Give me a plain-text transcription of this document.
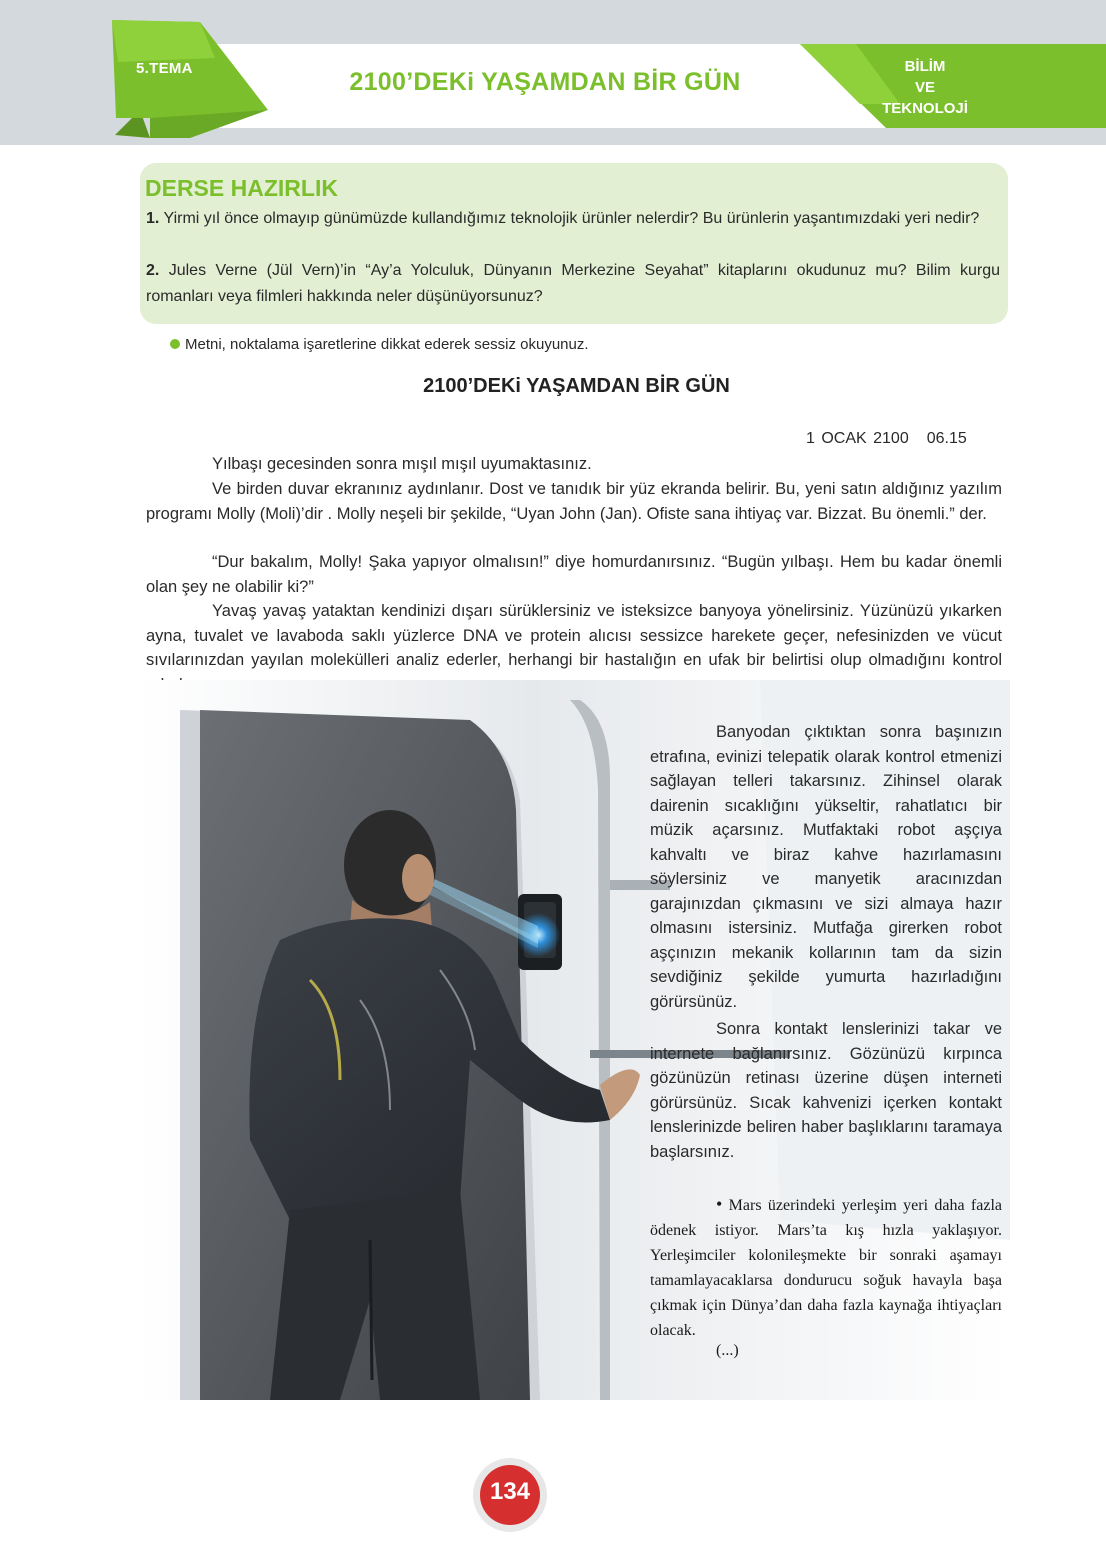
5.TEMA	2100’DEKi YAŞAMDAN BİR GÜN
BİLİM
VE
TEKNOLOJİ
DERSE HAZIRLIK
1. Yirmi yıl önce olmayıp günümüzde kullandığımız teknolojik ürünler nelerdir? Bu ürünlerin yaşantımızdaki yeri nedir?
2. Jules Verne (Jül Vern)’in “Ay’a Yolculuk, Dünyanın Merkezine Seyahat” kitaplarını okudunuz mu? Bilim kurgu romanları veya filmleri hakkında neler düşünüyorsunuz?
Metni, noktalama işaretlerine dikkat ederek sessiz okuyunuz.
2100’DEKi YAŞAMDAN BİR GÜN
1 OCAK 2100 06.15

Yılbaşı gecesinden sonra mışıl mışıl uyumaktasınız.

Ve birden duvar ekranınız aydınlanır. Dost ve tanıdık bir yüz ekranda belirir. Bu, yeni satın aldığınız yazılım programı Molly (Moli)’dir . Molly neşeli bir şekilde, “Uyan John (Jan). Ofiste sana ihtiyaç var. Bizzat. Bu önemli.” der.

“Dur bakalım, Molly! Şaka yapıyor olmalısın!” diye homurdanırsınız. “Bugün yılbaşı. Hem bu kadar önemli olan şey ne olabilir ki?”

Yavaş yavaş yataktan kendinizi dışarı sürüklersiniz ve isteksizce banyoya yönelirsiniz. Yüzünüzü yıkarken ayna, tuvalet ve lavaboda saklı yüzlerce DNA ve protein alıcısı sessizce harekete geçer, nefesinizden ve vücut sıvılarınızdan yayılan molekülleri analiz ederler, herhangi bir hastalığın en ufak bir belirtisi olup olmadığını kontrol

Banyodan çıktıktan sonra başınızın etrafına, evinizi telepatik olarak kontrol etmenizi sağlayan telleri takarsınız. Zihinsel olarak dairenin sıcaklığını yükseltir, rahatlatıcı bir müzik açarsınız. Mutfaktaki robot aşçıya kahvaltı ve biraz kahve hazırlamasını söylersiniz ve manyetik aracınızdan garajınızdan çıkmasını ve sizi almaya hazır olmasını istersiniz. Mutfağa girerken robot aşçınızın mekanik kollarının tam da sizin sevdiğiniz şekilde yumurta hazırladığını görürsünüz.

Sonra kontakt lenslerinizi takar ve internete bağlanırsınız. Gözünüzü kırpınca gözünüzün retinası üzerine düşen interneti görürsünüz. Sıcak kahvenizi içerken kontakt lenslerinizde beliren haber başlıklarını taramaya başlarsınız.

• Mars üzerindeki yerleşim yeri daha fazla ödenek istiyor. Mars’ta kış hızla yaklaşıyor. Yerleşimciler kolonileşmekte bir sonraki aşamayı tamamlayacaklarsa dondurucu soğuk havayla başa çıkmak için Dünya’dan daha fazla kaynağa ihtiyaçları olacak.

(...)
134
